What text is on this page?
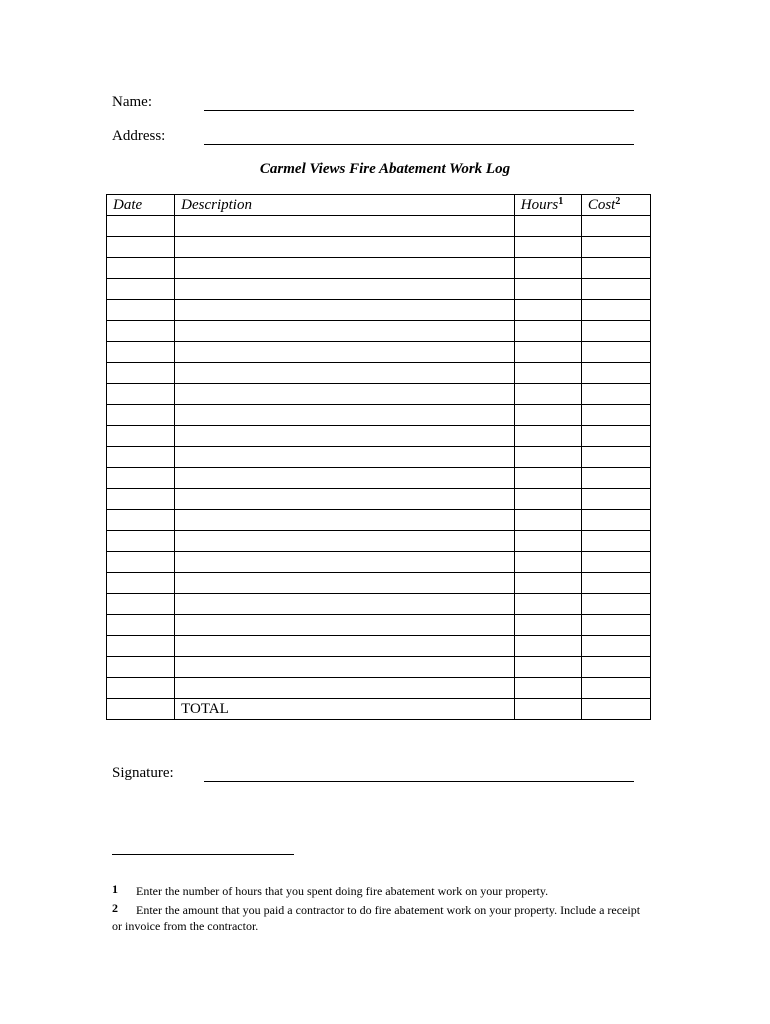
Name:
Address:
Carmel Views Fire Abatement Work Log
Date	Description	Hours$^1$	Cost$^2$

	TOTAL		
Signature:
1 Enter the number of hours that you spent doing fire abatement work on your property.
2 Enter the amount that you paid a contractor to do fire abatement work on your property. Include a receipt or invoice from the contractor.
